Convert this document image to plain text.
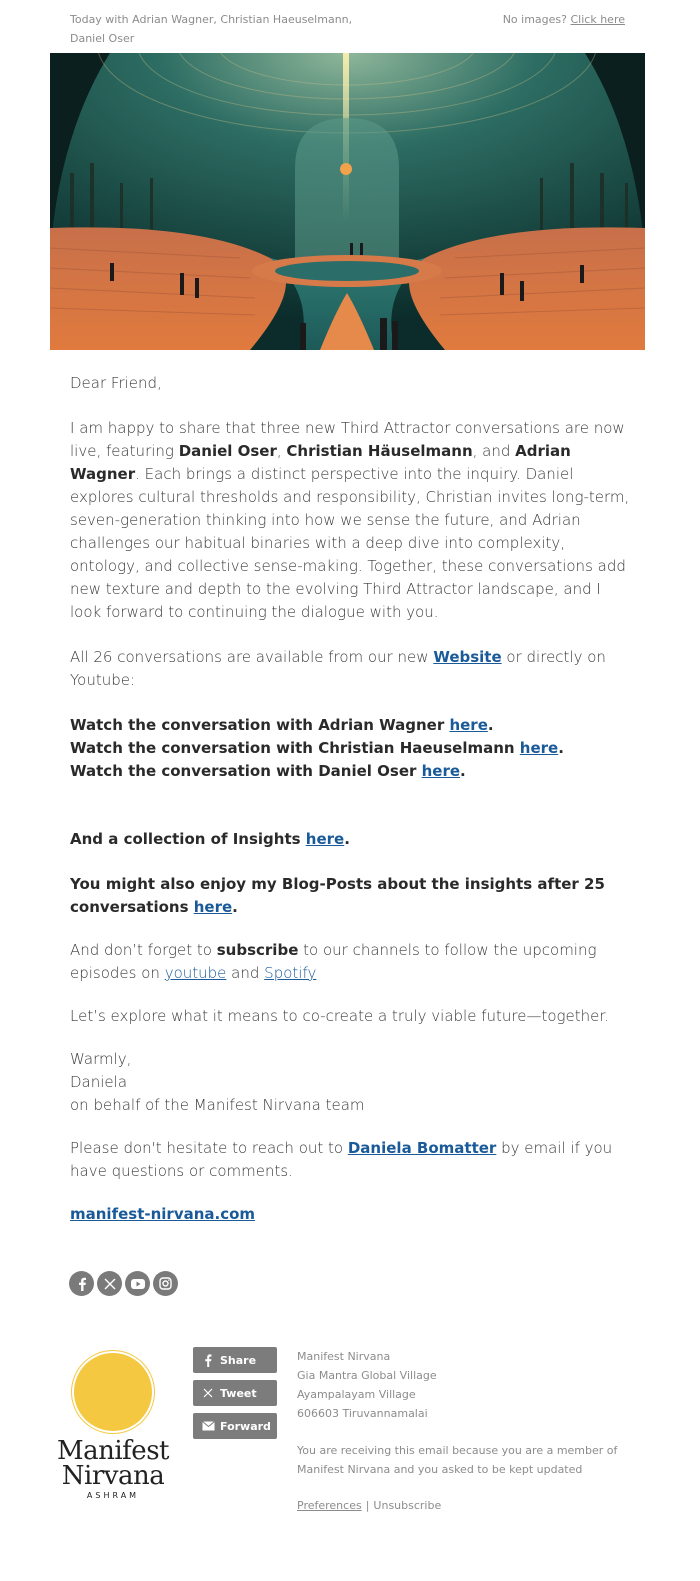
Today with Adrian Wagner, Christian Haeuselmann, Daniel Oser
No images? Click here

Dear Friend,

I am happy to share that three new Third Attractor conversations are now live, featuring Daniel Oser, Christian Häuselmann, and Adrian Wagner. Each brings a distinct perspective into the inquiry. Daniel explores cultural thresholds and responsibility, Christian invites long-term, seven-generation thinking into how we sense the future, and Adrian challenges our habitual binaries with a deep dive into complexity, ontology, and collective sense-making. Together, these conversations add new texture and depth to the evolving Third Attractor landscape, and I look forward to continuing the dialogue with you.

All 26 conversations are available from our new Website or directly on Youtube:

Watch the conversation with Adrian Wagner here.

Watch the conversation with Christian Haeuselmann here.

Watch the conversation with Daniel Oser here.

And a collection of Insights here.

You might also enjoy my Blog-Posts about the insights after 25 conversations here.

And don’t forget to subscribe to our channels to follow the upcoming episodes on youtube and Spotify

Let’s explore what it means to co-create a truly viable future—together.

Warmly,
Daniela
on behalf of the Manifest Nirvana team

Please don't hesitate to reach out to Daniela Bomatter by email if you have questions or comments.

manifest-nirvana.com

Manifest
Nirvana
ASHRAM
Share
Tweet
Forward
Manifest Nirvana
Gia Mantra Global Village
Ayampalayam Village
606603 Tiruvannamalai
You are receiving this email because you are a member of Manifest Nirvana and you asked to be kept updated
Preferences | Unsubscribe
